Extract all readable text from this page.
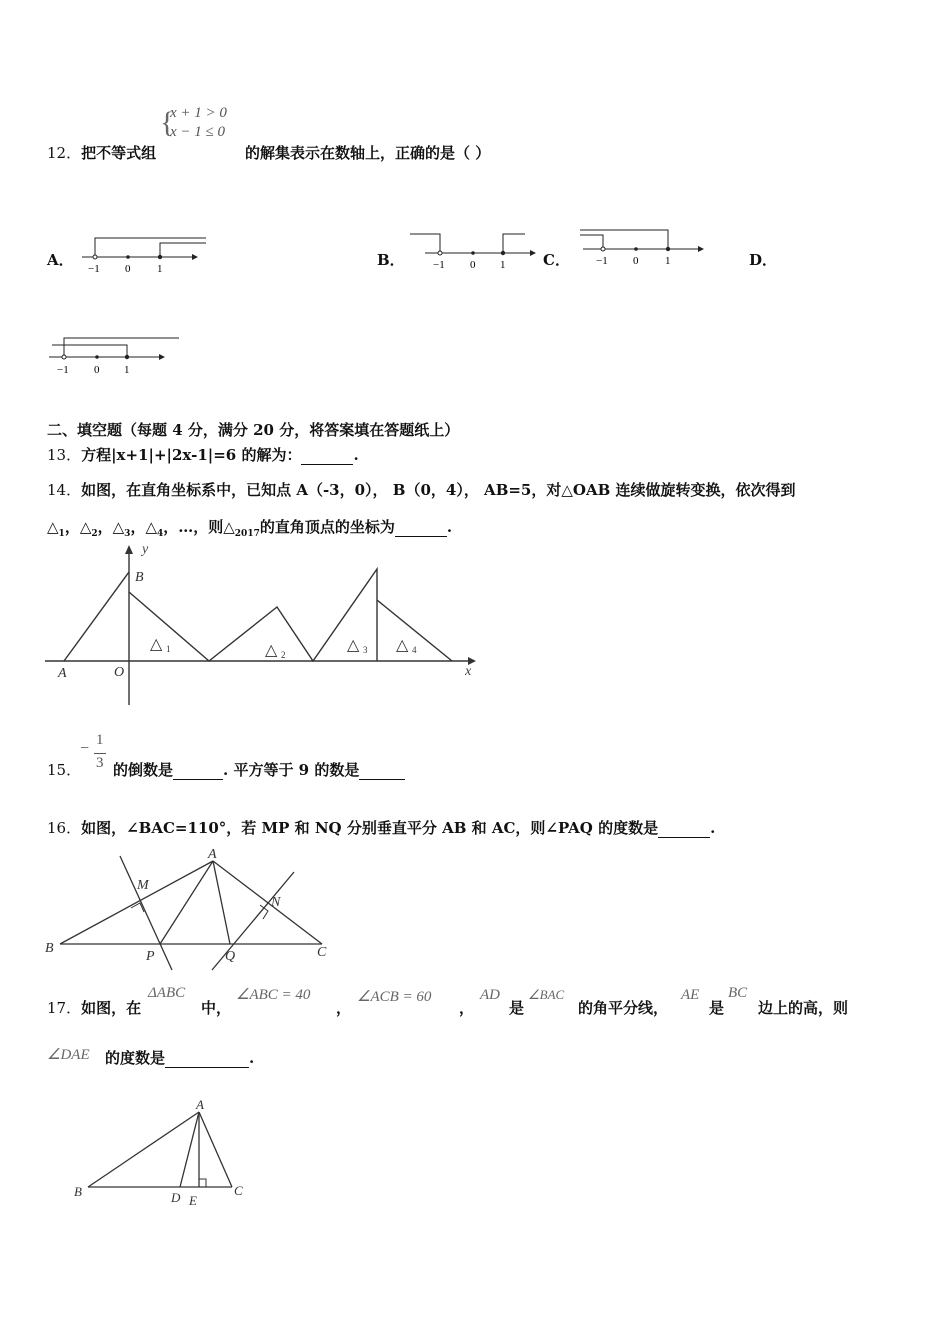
12．把不等式组
{
x + 1 > 0
x − 1 ≤ 0
的解集表示在数轴上，正确的是（ ）
A． −1 0 1	B．	−1 0 1	C． −1 0 1	D．
−1 0 1
二、填空题（每题 4 分，满分 20 分，将答案填在答题纸上）
13．方程|x+1|+|2x-1|=6 的解为：	.
14．如图，在直角坐标系中，已知点 A（-3，0）， B（0，4）， AB=5，对△OAB 连续做旋转变换，依次得到
$\triangle_1$，$\triangle_2$，$\triangle_3$，$\triangle_4$，…，则$\triangle_{2017}$的直角顶点的坐标为	.
y
x
B
A	O
△ 1	△ 2
△ 3 △ 4
15．
− 1
3 的倒数是	. 平方等于 9 的数是
16．如图，∠BAC=110°，若 MP 和 NQ 分别垂直平分 AB 和 AC，则∠PAQ 的度数是	.
A
M
N
B
P	Q	C
17．如图，在
ΔABC
中，
∠ABC = 40
，
∠ACB = 60
，
AD
是
∠BAC
的角平分线，
AE
是
BC
边上的高，则
∠DAE 的度数是	.
A
B	D E
C
